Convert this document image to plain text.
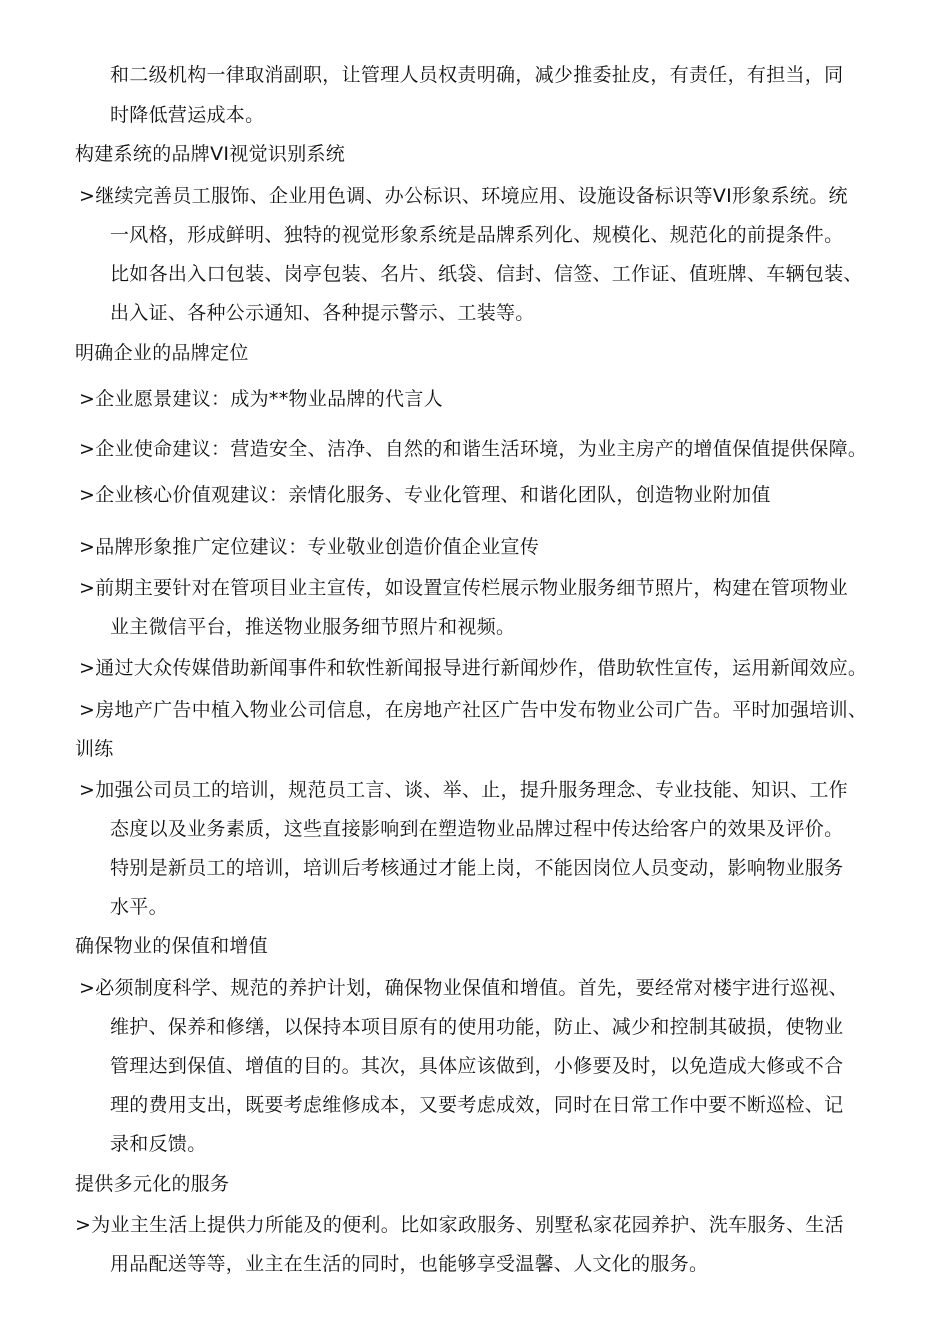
和二级机构一律取消副职，让管理人员权责明确，减少推委扯皮，有责任，有担当，同
时降低营运成本。
构建系统的品牌VI视觉识别系统
>继续完善员工服饰、企业用色调、办公标识、环境应用、设施设备标识等VI形象系统。统
一风格，形成鲜明、独特的视觉形象系统是品牌系列化、规模化、规范化的前提条件。
比如各出入口包装、岗亭包装、名片、纸袋、信封、信签、工作证、值班牌、车辆包装、
出入证、各种公示通知、各种提示警示、工装等。
明确企业的品牌定位
>企业愿景建议：成为**物业品牌的代言人
>企业使命建议：营造安全、洁净、自然的和谐生活环境，为业主房产的增值保值提供保障。
>企业核心价值观建议：亲情化服务、专业化管理、和谐化团队，创造物业附加值
>品牌形象推广定位建议：专业敬业创造价值企业宣传
>前期主要针对在管项目业主宣传，如设置宣传栏展示物业服务细节照片，构建在管项物业
业主微信平台，推送物业服务细节照片和视频。
>通过大众传媒借助新闻事件和软性新闻报导进行新闻炒作，借助软性宣传，运用新闻效应。
>房地产广告中植入物业公司信息，在房地产社区广告中发布物业公司广告。平时加强培训、
训练
>加强公司员工的培训，规范员工言、谈、举、止，提升服务理念、专业技能、知识、工作
态度以及业务素质，这些直接影响到在塑造物业品牌过程中传达给客户的效果及评价。
特别是新员工的培训，培训后考核通过才能上岗，不能因岗位人员变动，影响物业服务
水平。
确保物业的保值和增值
>必须制度科学、规范的养护计划，确保物业保值和增值。首先，要经常对楼宇进行巡视、
维护、保养和修缮，以保持本项目原有的使用功能，防止、减少和控制其破损，使物业
管理达到保值、增值的目的。其次，具体应该做到，小修要及时，以免造成大修或不合
理的费用支出，既要考虑维修成本，又要考虑成效，同时在日常工作中要不断巡检、记
录和反馈。
提供多元化的服务
>为业主生活上提供力所能及的便利。比如家政服务、别墅私家花园养护、洗车服务、生活
用品配送等等，业主在生活的同时，也能够享受温馨、人文化的服务。
